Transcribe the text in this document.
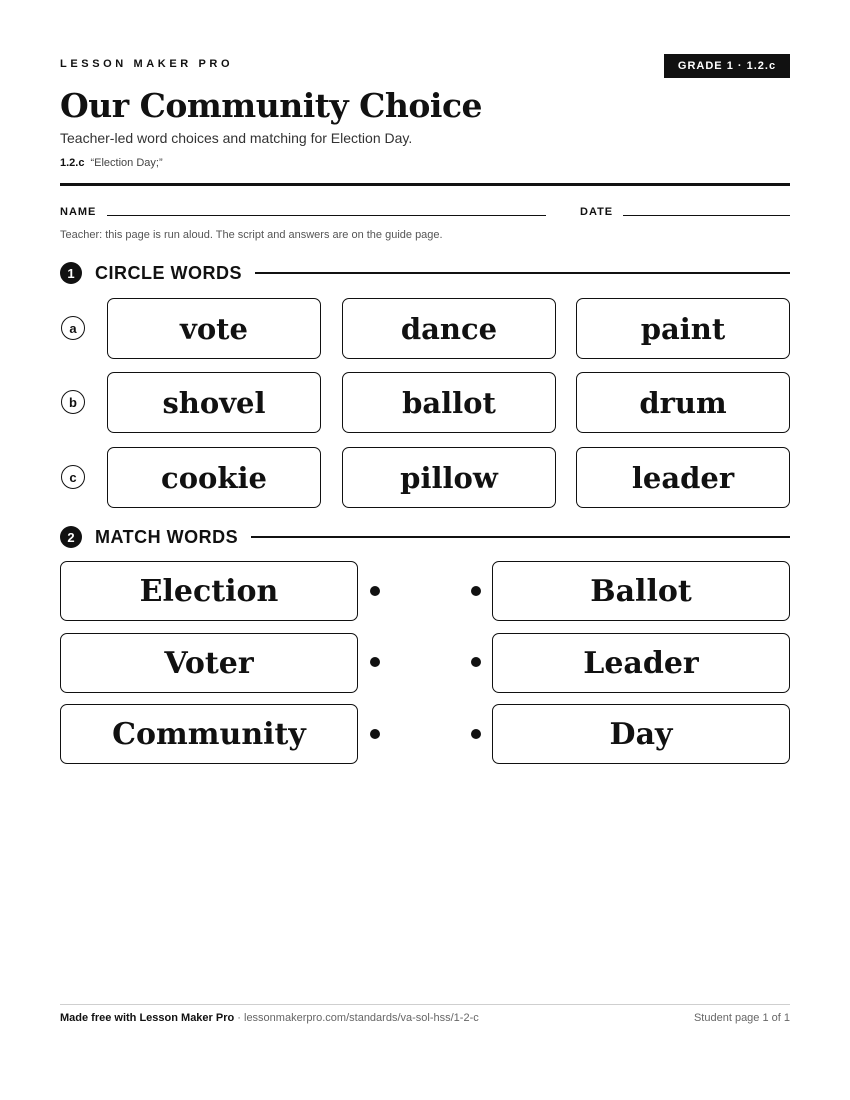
LESSON MAKER PRO	GRADE 1 · 1.2.c
Our Community Choice
Teacher-led word choices and matching for Election Day.
1.2.c “Election Day;”
NAME	DATE
Teacher: this page is run aloud. The script and answers are on the guide page.
1	CIRCLE WORDS
a	vote	dance	paint
b	shovel	ballot	drum
c	cookie	pillow	leader
2	MATCH WORDS
Election	Ballot
Voter	Leader
Community	Day
Made free with Lesson Maker Pro · lessonmakerpro.com/standards/va-sol-hss/1-2-c	Student page 1 of 1
